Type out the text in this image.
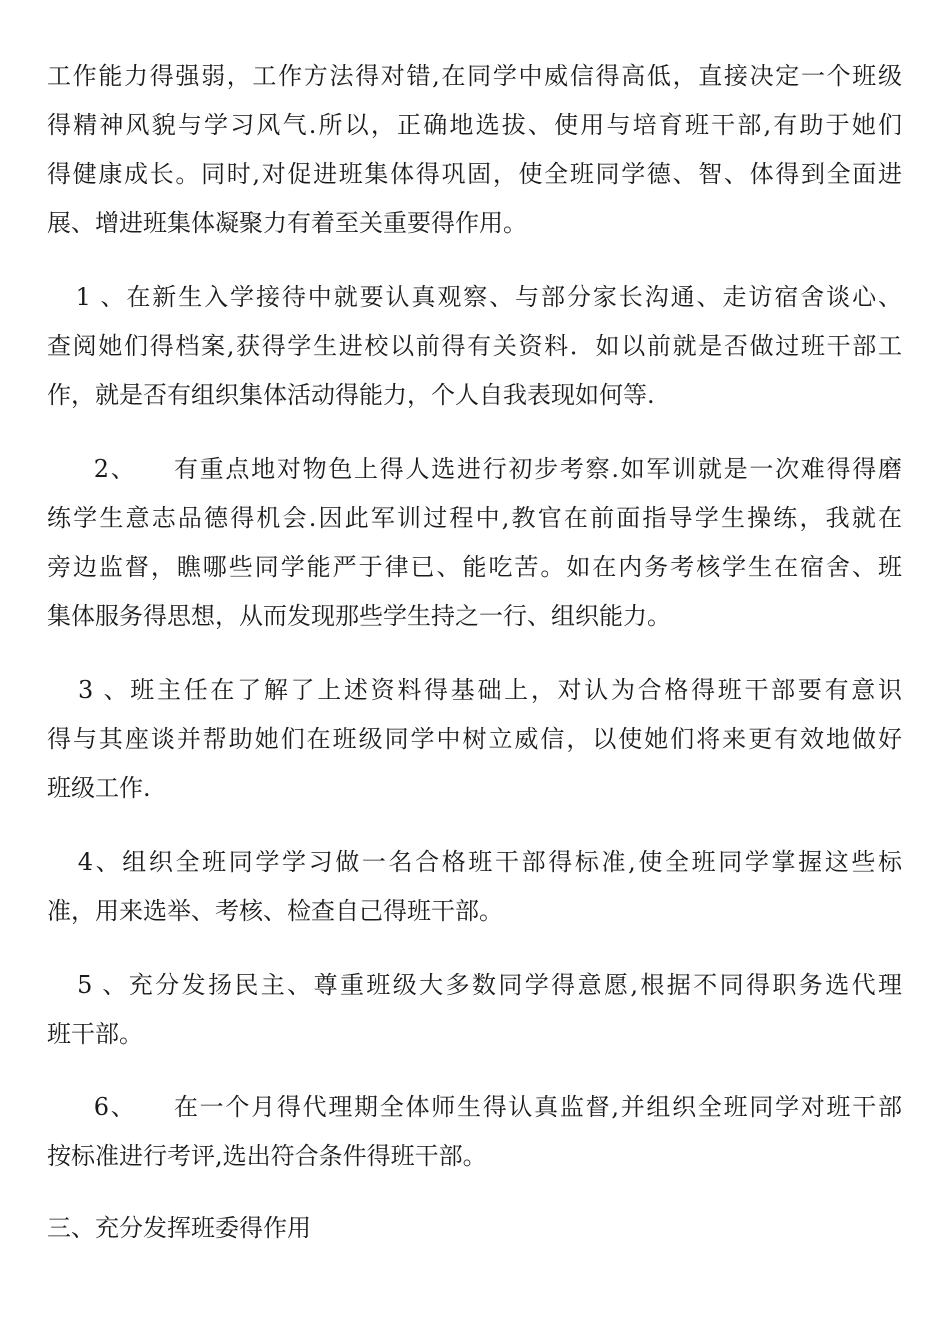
工作能力得强弱，工作方法得对错,在同学中威信得高低，直接决定一个班级
得精神风貌与学习风气.所以，正确地选拔、使用与培育班干部,有助于她们
得健康成长。同时,对促进班集体得巩固，使全班同学德、智、体得到全面进
展、增进班集体凝聚力有着至关重要得作用。
1 、在新生入学接待中就要认真观察、与部分家长沟通、走访宿舍谈心、
查阅她们得档案,获得学生进校以前得有关资料．如以前就是否做过班干部工
作，就是否有组织集体活动得能力，个人自我表现如何等.
2、    有重点地对物色上得人选进行初步考察.如军训就是一次难得得磨
练学生意志品德得机会.因此军训过程中,教官在前面指导学生操练，我就在
旁边监督，瞧哪些同学能严于律已、能吃苦。如在内务考核学生在宿舍、班
集体服务得思想，从而发现那些学生持之一行、组织能力。
3 、班主任在了解了上述资料得基础上，对认为合格得班干部要有意识
得与其座谈并帮助她们在班级同学中树立威信，以使她们将来更有效地做好
班级工作.
4、组织全班同学学习做一名合格班干部得标准,使全班同学掌握这些标
准，用来选举、考核、检查自己得班干部。
5 、充分发扬民主、尊重班级大多数同学得意愿,根据不同得职务选代理
班干部。
6、    在一个月得代理期全体师生得认真监督,并组织全班同学对班干部
按标准进行考评,选出符合条件得班干部。
三、充分发挥班委得作用
